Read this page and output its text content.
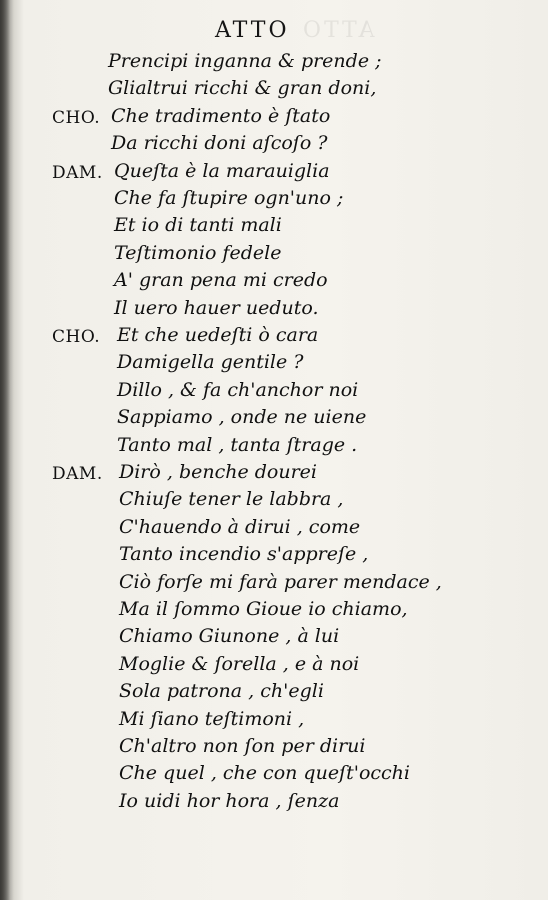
ATTO
ATTO
Prencipi inganna & prende ;
Glialtrui ricchi & gran doni,
CHO. Che tradimento è ſtato
Da ricchi doni aſcoſo ?
DAM. Queſta è la marauiglia
Che fa ſtupire ogn'uno ;
Et io di tanti mali
Teſtimonio fedele
A' gran pena mi credo
Il uero hauer ueduto.
CHO. Et che uedeſti ò cara
Damigella gentile ?
Dillo , & fa ch'anchor noi
Sappiamo , onde ne uiene
Tanto mal , tanta ſtrage .
DAM. Dirò , benche dourei
Chiuſe tener le labbra ,
C'hauendo à dirui , come
Tanto incendio s'appreſe ,
Ciò forſe mi farà parer mendace ,
Ma il ſommo Gioue io chiamo,
Chiamo Giunone , à lui
Moglie & ſorella , e à noi
Sola patrona , ch'egli
Mi ſiano teſtimoni ,
Ch'altro non ſon per dirui
Che quel , che con queſt'occhi
Io uidi hor hora , ſenza
